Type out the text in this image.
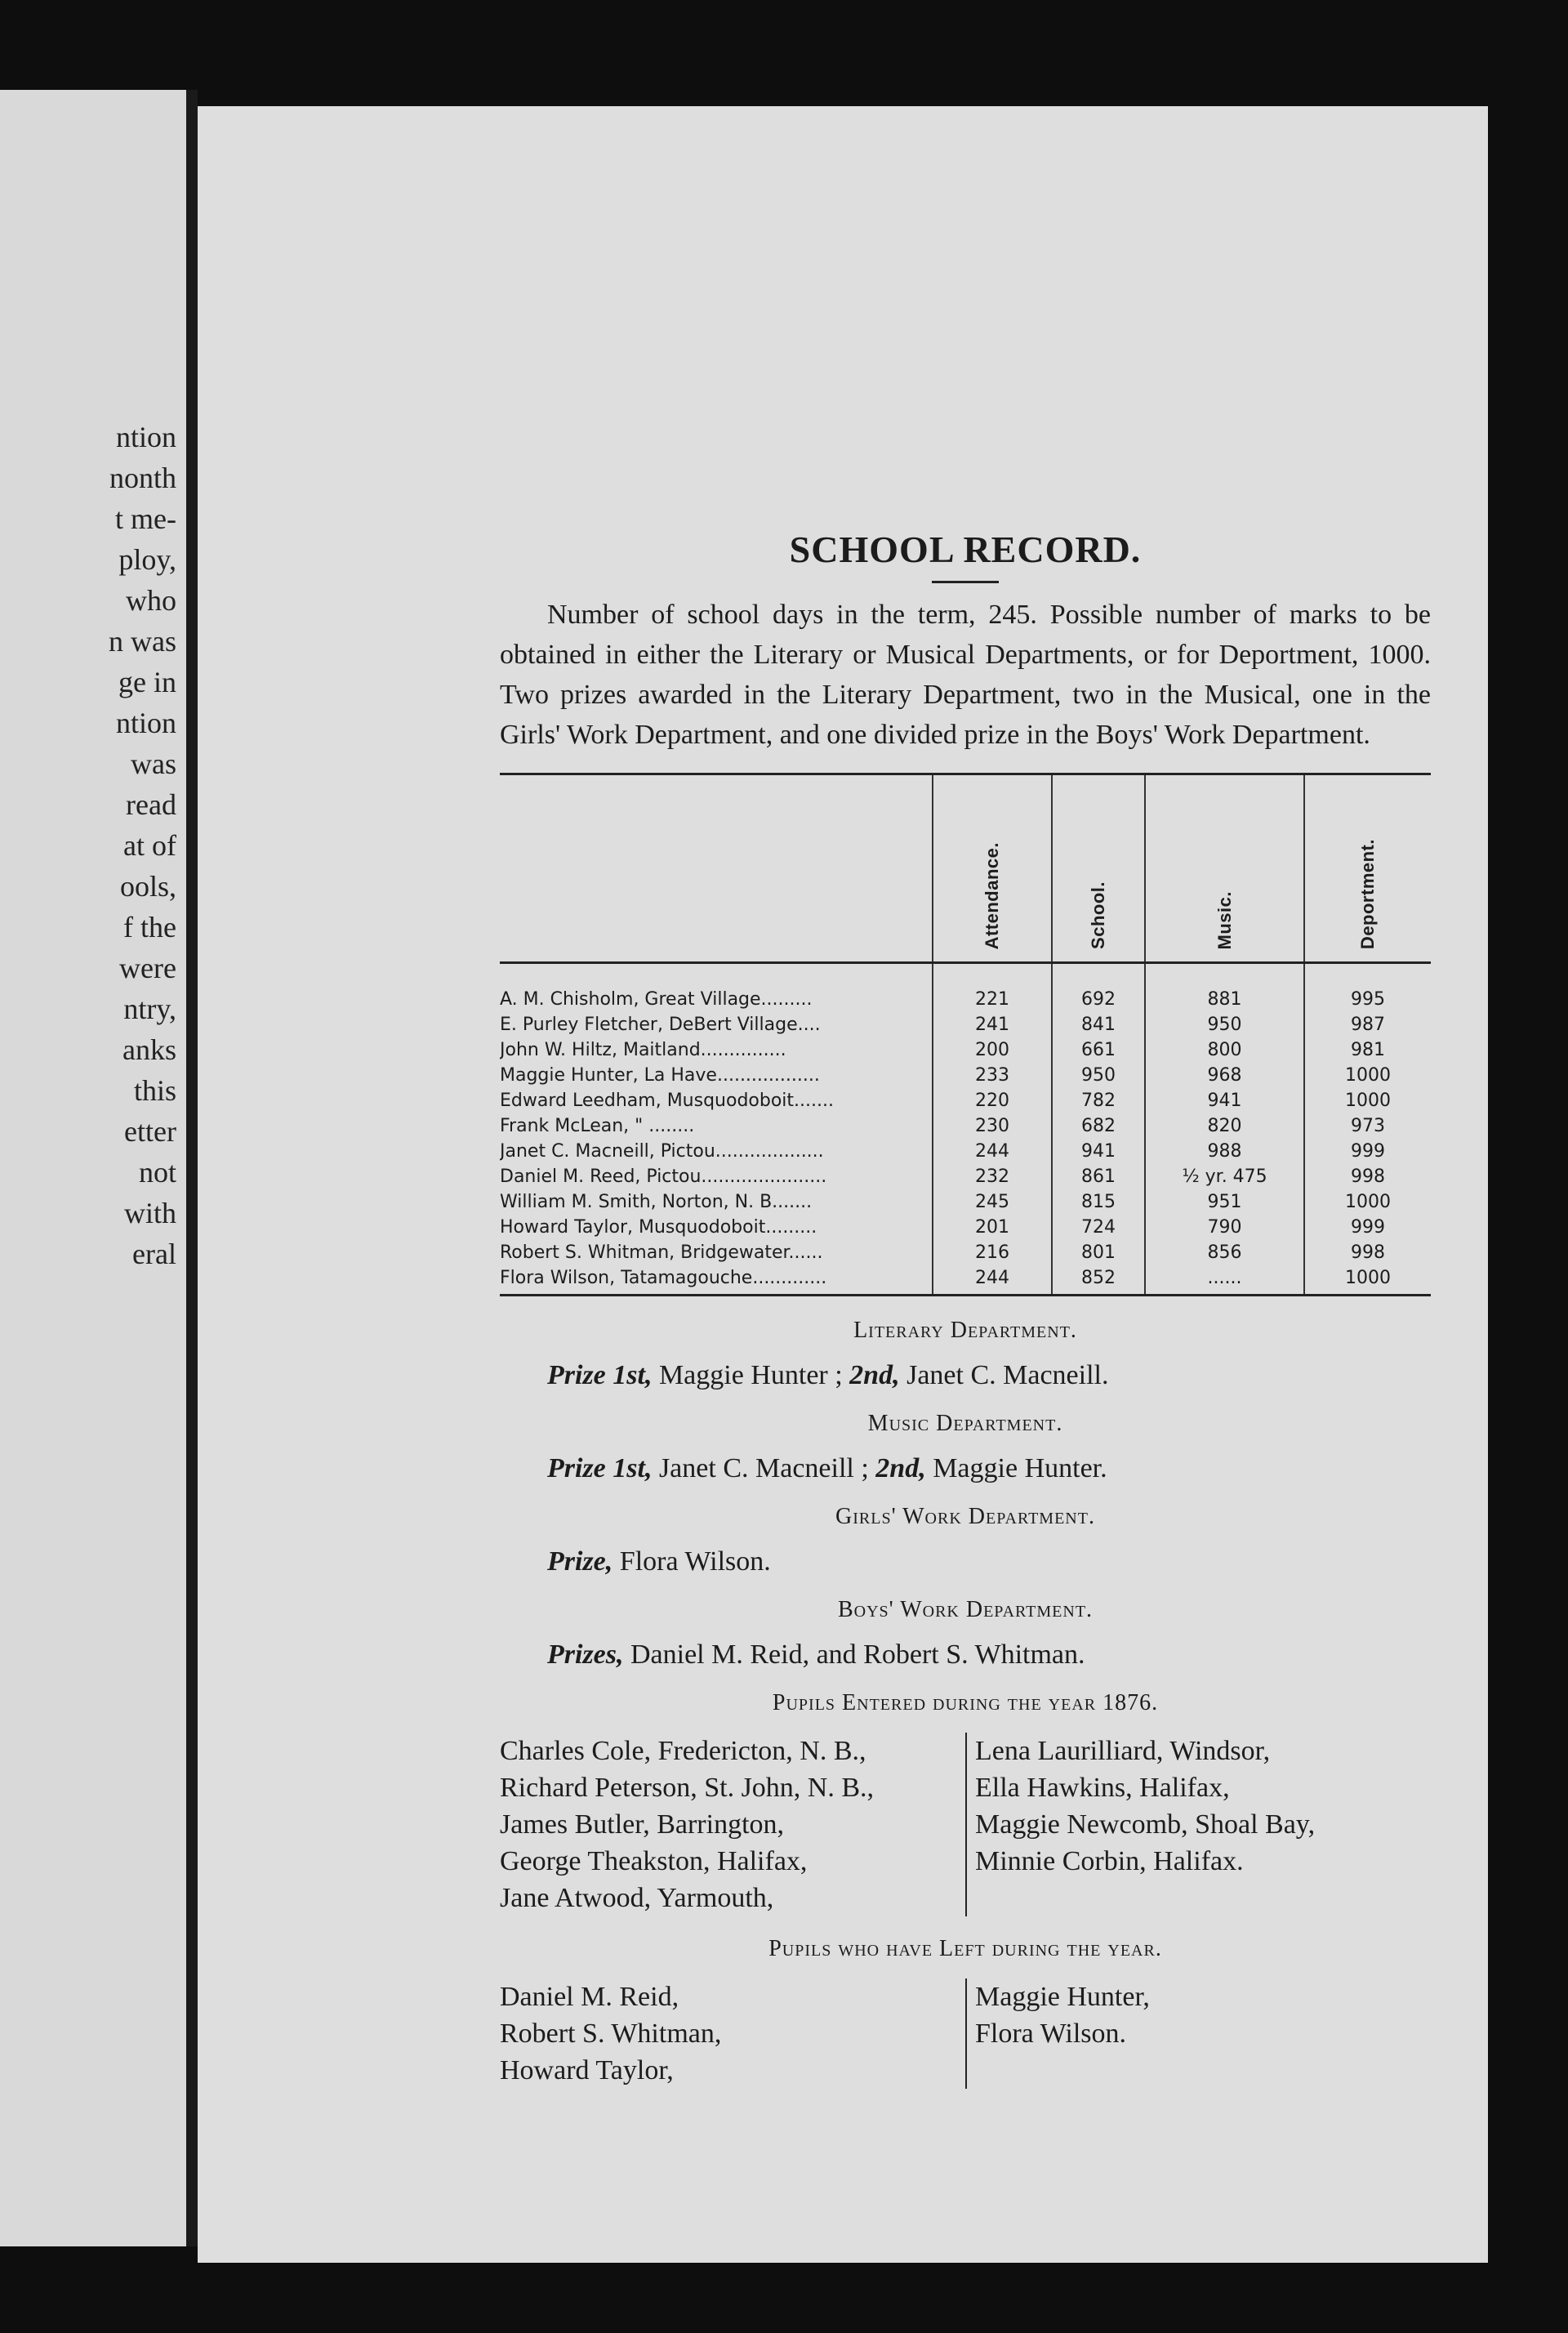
ntion
nonth
t me-
ploy,
who
n was
ge in
ntion
was
read
at of
ools,
f the
were
ntry,
anks
this
etter
not
with
eral
SCHOOL RECORD.

Number of school days in the term, 245. Possible number of marks to be obtained in either the Literary or Musical Departments, or for Deportment, 1000. Two prizes awarded in the Literary Department, two in the Musical, one in the Girls' Work Department, and one divided prize in the Boys' Work Department.

	Attendance.	School.	Music.	Deportment.
A. M. Chisholm, Great Village.........	221	692	881	995
E. Purley Fletcher, DeBert Village....	241	841	950	987
John W. Hiltz, Maitland...............	200	661	800	981
Maggie Hunter, La Have..................	233	950	968	1000
Edward Leedham, Musquodoboit.......	220	782	941	1000
Frank McLean, " ........	230	682	820	973
Janet C. Macneill, Pictou...................	244	941	988	999
Daniel M. Reed, Pictou......................	232	861	½ yr. 475	998
William M. Smith, Norton, N. B.......	245	815	951	1000
Howard Taylor, Musquodoboit.........	201	724	790	999
Robert S. Whitman, Bridgewater......	216	801	856	998
Flora Wilson, Tatamagouche.............	244	852	......	1000
Literary Department.
Prize 1st, Maggie Hunter ; 2nd, Janet C. Macneill.
Music Department.
Prize 1st, Janet C. Macneill ; 2nd, Maggie Hunter.
Girls' Work Department.
Prize, Flora Wilson.
Boys' Work Department.
Prizes, Daniel M. Reid, and Robert S. Whitman.
Pupils Entered during the year 1876.
Charles Cole, Fredericton, N. B.,
Richard Peterson, St. John, N. B.,
James Butler, Barrington,
George Theakston, Halifax,
Jane Atwood, Yarmouth,
Lena Laurilliard, Windsor,
Ella Hawkins, Halifax,
Maggie Newcomb, Shoal Bay,
Minnie Corbin, Halifax.
Pupils who have Left during the year.
Daniel M. Reid,
Robert S. Whitman,
Howard Taylor,
Maggie Hunter,
Flora Wilson.
